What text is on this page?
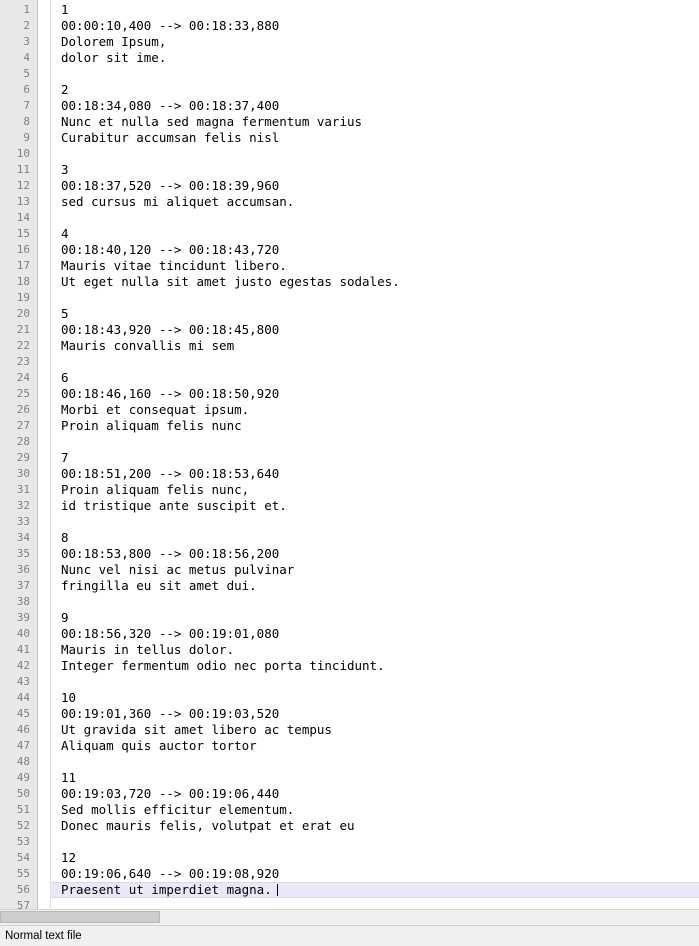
1
2
3
4
5
6
7
8
9
10
11
12
13
14
15
16
17
18
19
20
21
22
23
24
25
26
27
28
29
30
31
32
33
34
35
36
37
38
39
40
41
42
43
44
45
46
47
48
49
50
51
52
53
54
55
56
57
1
00:00:10,400 --> 00:18:33,880
Dolorem Ipsum,
dolor sit ime.

2
00:18:34,080 --> 00:18:37,400
Nunc et nulla sed magna fermentum varius
Curabitur accumsan felis nisl

3
00:18:37,520 --> 00:18:39,960
sed cursus mi aliquet accumsan.

4
00:18:40,120 --> 00:18:43,720
Mauris vitae tincidunt libero.
Ut eget nulla sit amet justo egestas sodales.

5
00:18:43,920 --> 00:18:45,800
Mauris convallis mi sem

6
00:18:46,160 --> 00:18:50,920
Morbi et consequat ipsum.
Proin aliquam felis nunc

7
00:18:51,200 --> 00:18:53,640
Proin aliquam felis nunc,
id tristique ante suscipit et.

8
00:18:53,800 --> 00:18:56,200
Nunc vel nisi ac metus pulvinar
fringilla eu sit amet dui.

9
00:18:56,320 --> 00:19:01,080
Mauris in tellus dolor.
Integer fermentum odio nec porta tincidunt.

10
00:19:01,360 --> 00:19:03,520
Ut gravida sit amet libero ac tempus
Aliquam quis auctor tortor

11
00:19:03,720 --> 00:19:06,440
Sed mollis efficitur elementum.
Donec mauris felis, volutpat et erat eu

12
00:19:06,640 --> 00:19:08,920
Praesent ut imperdiet magna.

Normal text file
